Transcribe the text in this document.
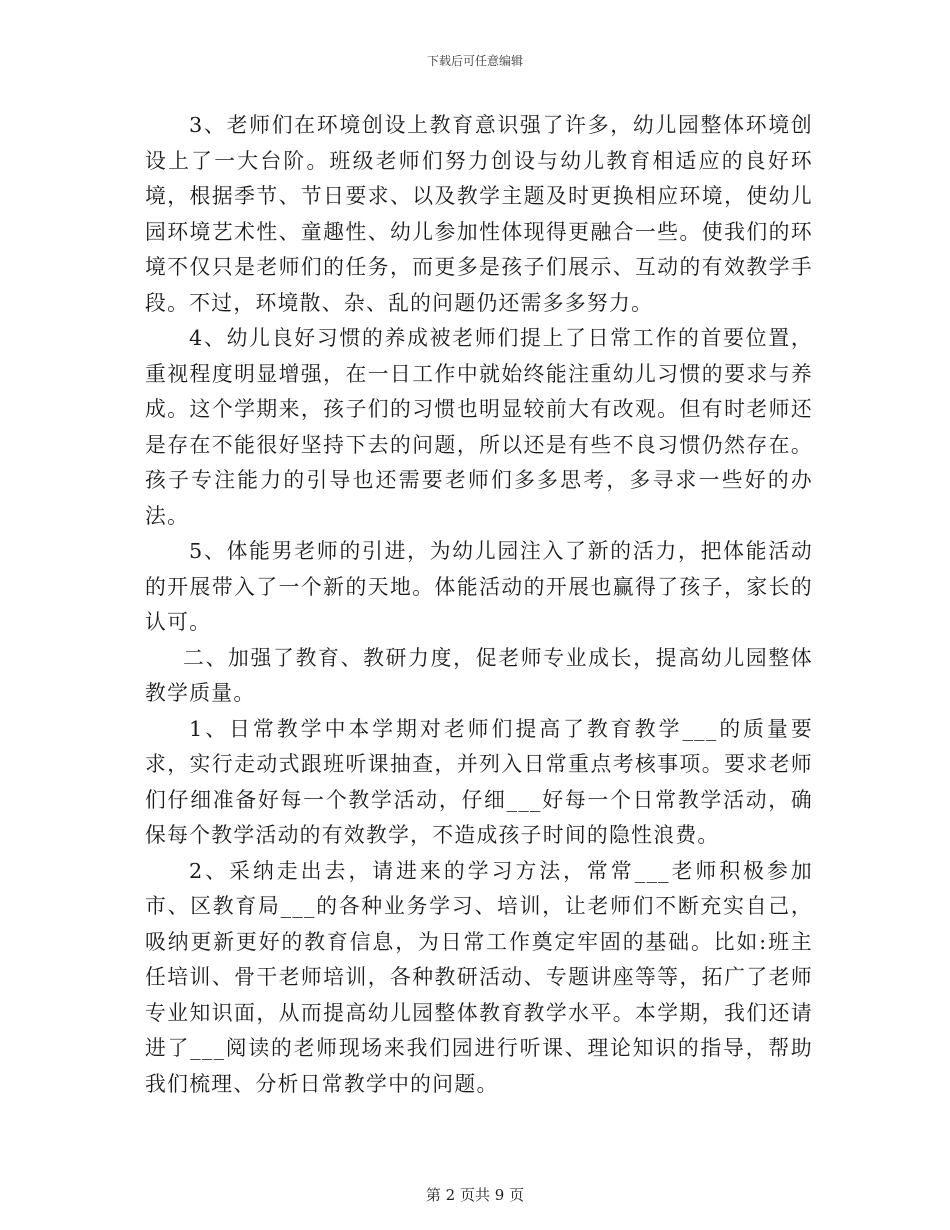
下载后可任意编辑

3、老师们在环境创设上教育意识强了许多，幼儿园整体环境创设上了一大台阶。班级老师们努力创设与幼儿教育相适应的良好环境，根据季节、节日要求、以及教学主题及时更换相应环境，使幼儿园环境艺术性、童趣性、幼儿参加性体现得更融合一些。使我们的环境不仅只是老师们的任务，而更多是孩子们展示、互动的有效教学手段。不过，环境散、杂、乱的问题仍还需多多努力。

4、幼儿良好习惯的养成被老师们提上了日常工作的首要位置，重视程度明显增强，在一日工作中就始终能注重幼儿习惯的要求与养成。这个学期来，孩子们的习惯也明显较前大有改观。但有时老师还是存在不能很好坚持下去的问题，所以还是有些不良习惯仍然存在。孩子专注能力的引导也还需要老师们多多思考，多寻求一些好的办法。

5、体能男老师的引进，为幼儿园注入了新的活力，把体能活动的开展带入了一个新的天地。体能活动的开展也赢得了孩子，家长的认可。

二、加强了教育、教研力度，促老师专业成长，提高幼儿园整体教学质量。

1、日常教学中本学期对老师们提高了教育教学___的质量要求，实行走动式跟班听课抽查，并列入日常重点考核事项。要求老师们仔细准备好每一个教学活动，仔细___好每一个日常教学活动，确保每个教学活动的有效教学，不造成孩子时间的隐性浪费。

2、采纳走出去，请进来的学习方法，常常___老师积极参加市、区教育局___的各种业务学习、培训，让老师们不断充实自己，吸纳更新更好的教育信息，为日常工作奠定牢固的基础。比如:班主任培训、骨干老师培训，各种教研活动、专题讲座等等，拓广了老师专业知识面，从而提高幼儿园整体教育教学水平。本学期，我们还请进了___阅读的老师现场来我们园进行听课、理论知识的指导，帮助我们梳理、分析日常教学中的问题。

第 2 页共 9 页
